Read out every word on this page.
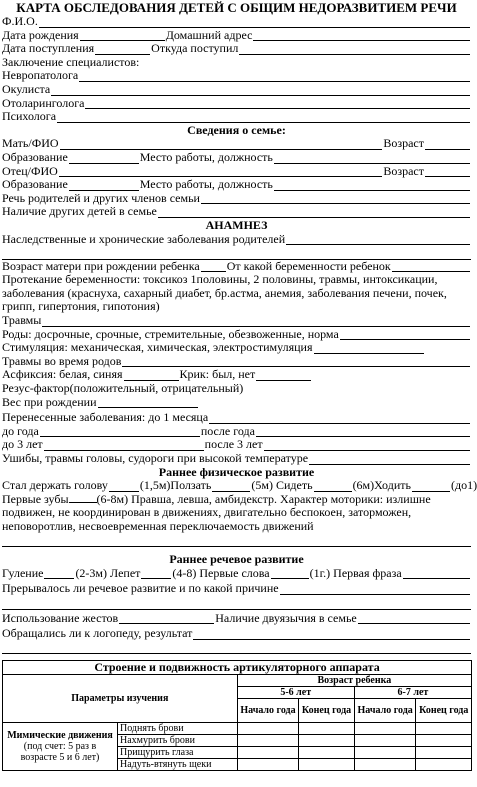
КАРТА ОБСЛЕДОВАНИЯ ДЕТЕЙ С ОБЩИМ НЕДОРАЗВИТИЕМ РЕЧИ
Ф.И.О.
Дата рождения	Домашний адрес
Дата поступления	Откуда поступил
Заключение специалистов:
Невропатолога
Окулиста
Отоларинголога
Психолога
Сведения о семье:
Мать/ФИО	Возраст
Образование	Место работы, должность
Отец/ФИО	Возраст
Образование	Место работы, должность
Речь родителей и других членов семьи
Наличие других детей в семье
АНАМНЕЗ
Наследственные и хронические заболевания родителей
Возраст матери при рождении ребенка От какой беременности ребенок
Протекание беременности: токсикоз 1половины, 2 половины, травмы, интоксикации, заболевания (краснуха, сахарный диабет, бр.астма, анемия, заболевания печени, почек, грипп, гипертония, гипотония)
Травмы
Роды: досрочные, срочные, стремительные, обезвоженные, норма
Стимуляция: механическая, химическая, электростимуляция
Травмы во время родов
Асфиксия: белая, синяя	Крик: был, нет
Резус-фактор(положительный, отрицательный)
Вес при рождении
Перенесенные заболевания: до 1 месяца
до года	после года
до 3 лет	после 3 лет
Ушибы, травмы головы, судороги при высокой температуре
Раннее физическое развитие
Стал держать голову	(1,5м)Ползать	(5м) Сидеть	(6м)Ходить	(до1)
Первые зубы (6-8м) Правша, левша, амбидекстр. Характер моторики: излишне подвижен, не координирован в движениях, двигательно беспокоен, заторможен, неповоротлив, несвоевременная переключаемость движений
Раннее речевое развитие
Гуление	(2-3м) Лепет	(4-8) Первые слова	(1г.) Первая фраза
Прерывалось ли речевое развитие и по какой причине
Использование жестов	Наличие двуязычия в семье
Обращались ли к логопеду, результат
Строение и подвижность артикуляторного аппарата					
Параметры изучения		Возраст ребенка			
		5-6 лет		6-7 лет	
		Начало года	Конец года	Начало года	Конец года
Мимические движения
(под счет: 5 раз в возрасте 5 и 6 лет)	Поднять брови				
	Нахмурить брови				
	Прищурить глаза				
	Надуть-втянуть щеки				
